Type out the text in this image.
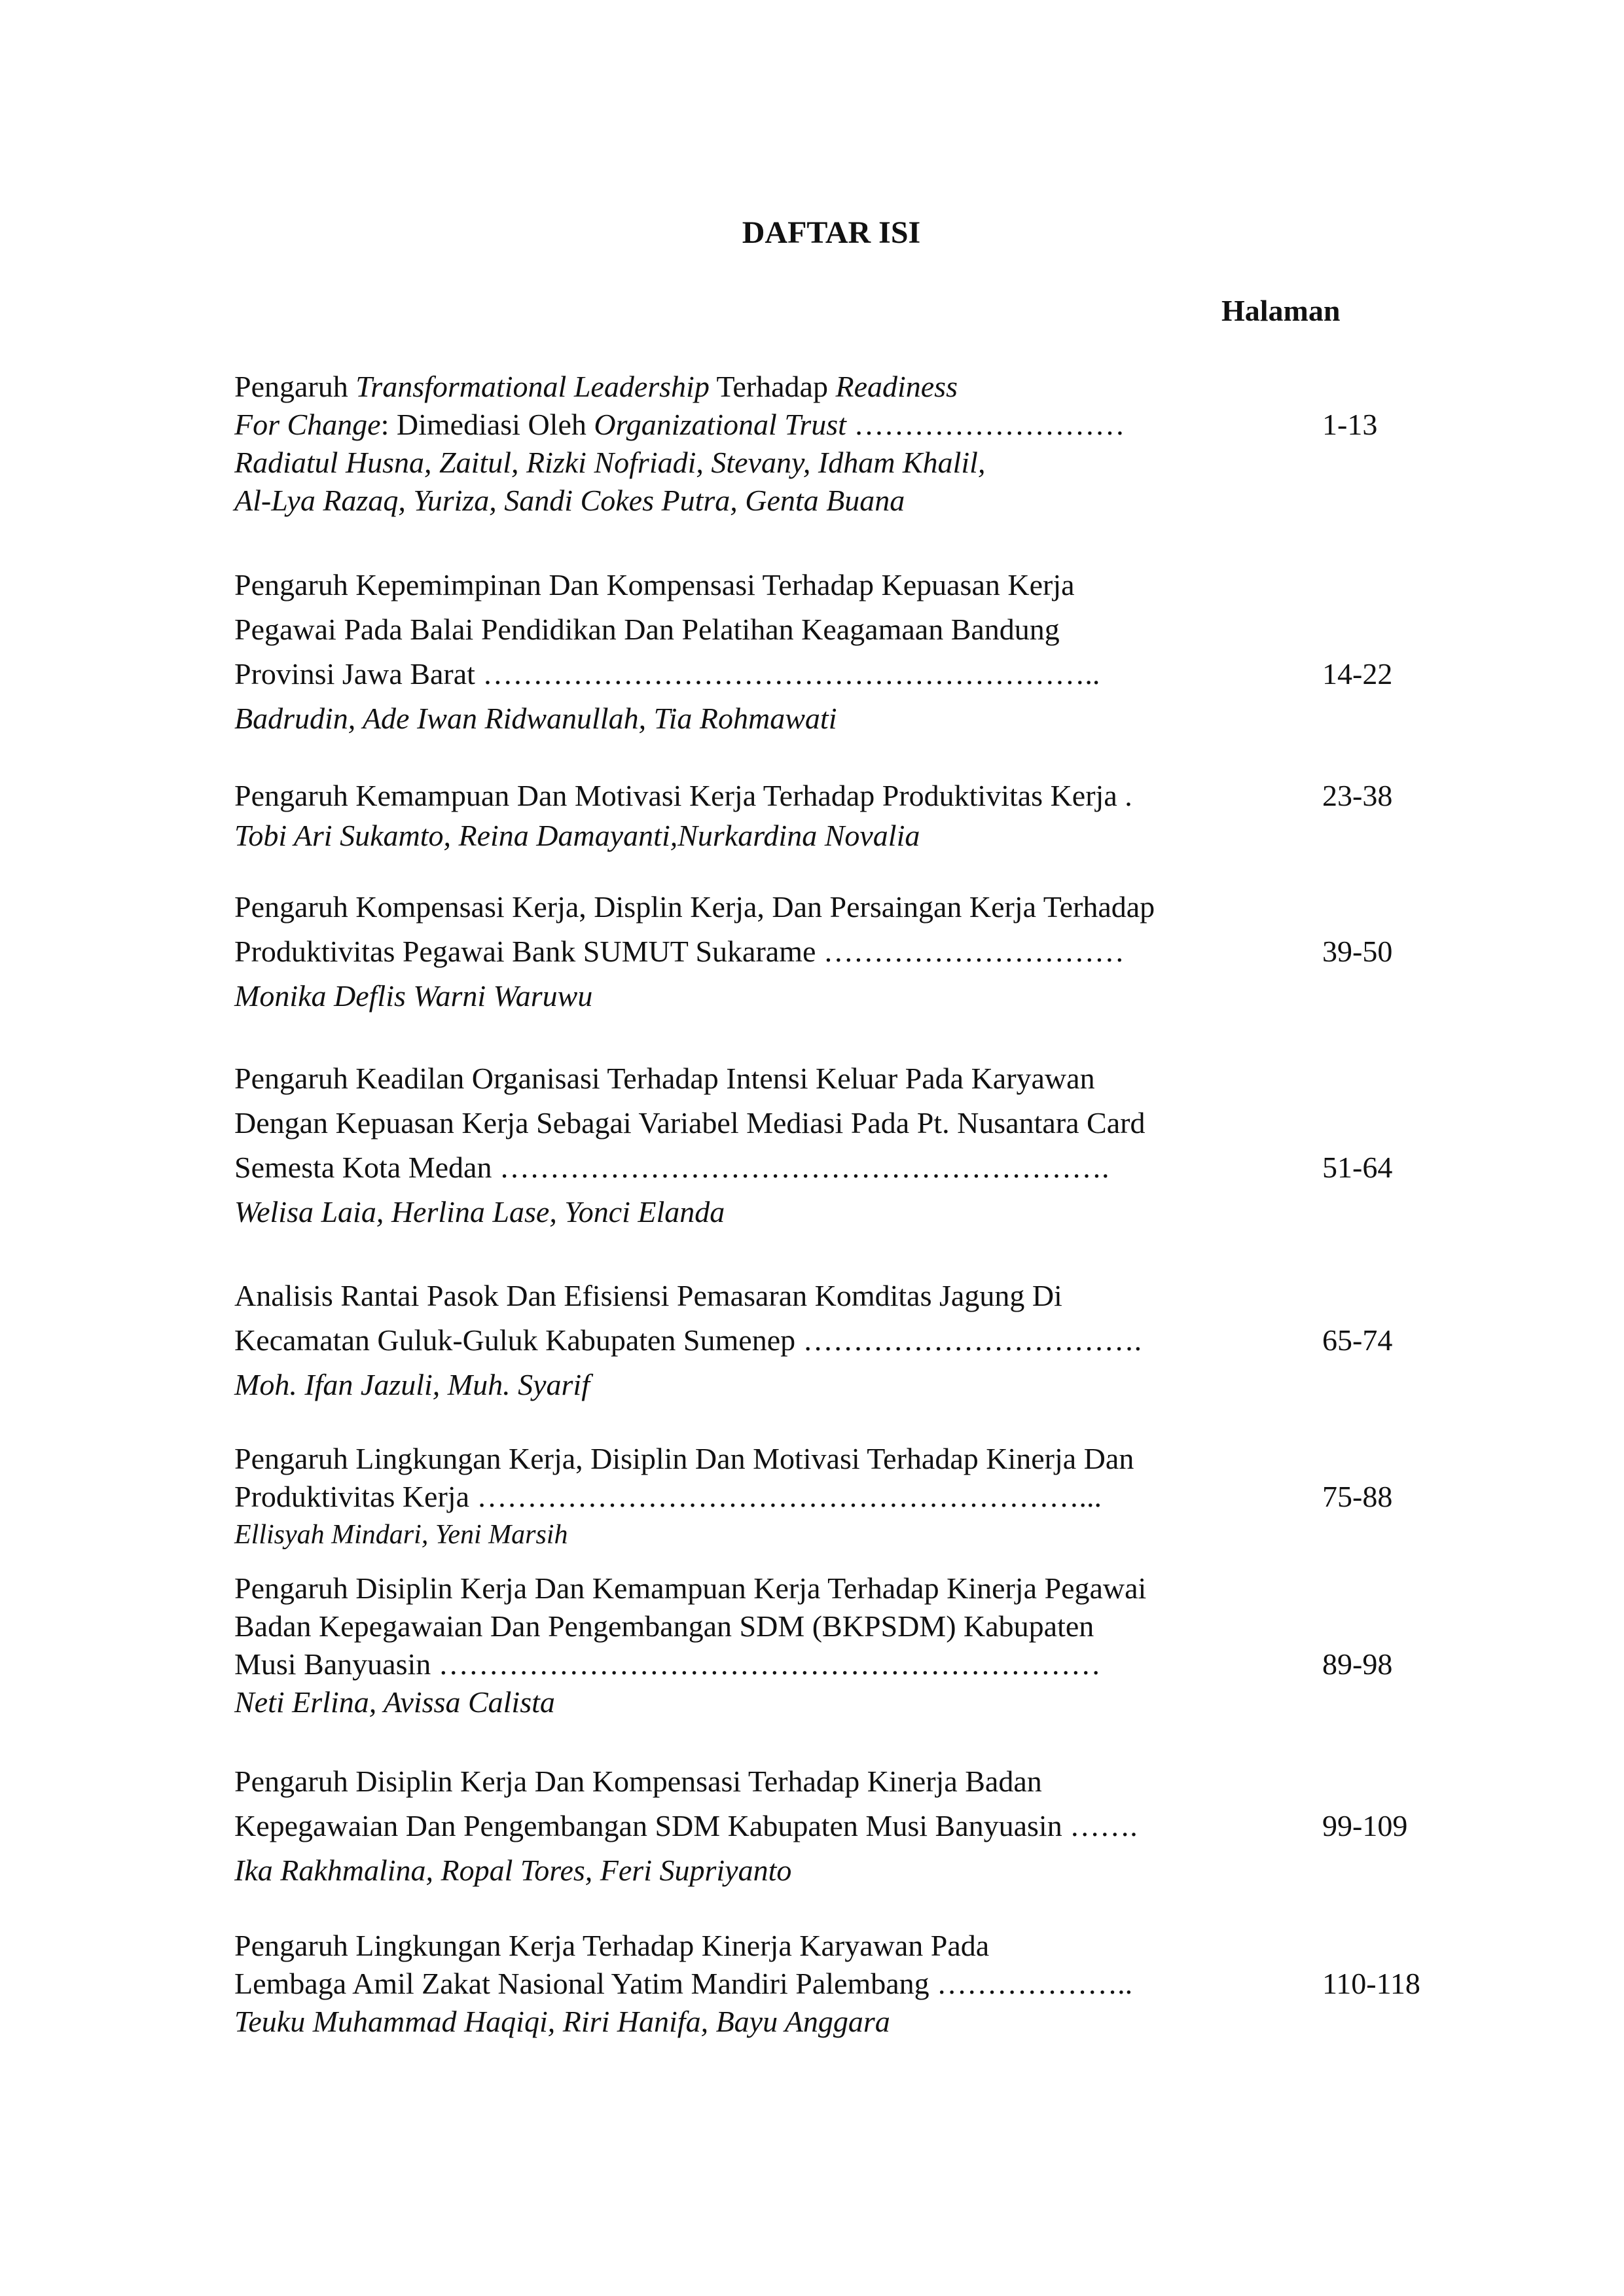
DAFTAR ISI
Halaman
Pengaruh Transformational Leadership Terhadap Readiness
For Change: Dimediasi Oleh Organizational Trust ………………………	1-13
Radiatul Husna, Zaitul, Rizki Nofriadi, Stevany, Idham Khalil,
Al-Lya Razaq, Yuriza, Sandi Cokes Putra, Genta Buana
Pengaruh Kepemimpinan Dan Kompensasi Terhadap Kepuasan Kerja
Pegawai Pada Balai Pendidikan Dan Pelatihan Keagamaan Bandung
Provinsi Jawa Barat ……………………………………………………..	14-22
Badrudin, Ade Iwan Ridwanullah, Tia Rohmawati
Pengaruh Kemampuan Dan Motivasi Kerja Terhadap Produktivitas Kerja .	23-38
Tobi Ari Sukamto, Reina Damayanti,Nurkardina Novalia
Pengaruh Kompensasi Kerja, Displin Kerja, Dan Persaingan Kerja Terhadap
Produktivitas Pegawai Bank SUMUT Sukarame …………………………	39-50
Monika Deflis Warni Waruwu
Pengaruh Keadilan Organisasi Terhadap Intensi Keluar Pada Karyawan
Dengan Kepuasan Kerja Sebagai Variabel Mediasi Pada Pt. Nusantara Card
Semesta Kota Medan …………………………………………………….	51-64
Welisa Laia, Herlina Lase, Yonci Elanda
Analisis Rantai Pasok Dan Efisiensi Pemasaran Komditas Jagung Di
Kecamatan Guluk-Guluk Kabupaten Sumenep …………………………….	65-74
Moh. Ifan Jazuli, Muh. Syarif
Pengaruh Lingkungan Kerja, Disiplin Dan Motivasi Terhadap Kinerja Dan
Produktivitas Kerja ……………………………………………………...	75-88
Ellisyah Mindari, Yeni Marsih
Pengaruh Disiplin Kerja Dan Kemampuan Kerja Terhadap Kinerja Pegawai
Badan Kepegawaian Dan Pengembangan SDM (BKPSDM) Kabupaten
Musi Banyuasin …………………………………………………………	89-98
Neti Erlina, Avissa Calista
Pengaruh Disiplin Kerja Dan Kompensasi Terhadap Kinerja Badan
Kepegawaian Dan Pengembangan SDM Kabupaten Musi Banyuasin …….	99-109
Ika Rakhmalina, Ropal Tores, Feri Supriyanto
Pengaruh Lingkungan Kerja Terhadap Kinerja Karyawan Pada
Lembaga Amil Zakat Nasional Yatim Mandiri Palembang ………………..	110-118
Teuku Muhammad Haqiqi, Riri Hanifa, Bayu Anggara
